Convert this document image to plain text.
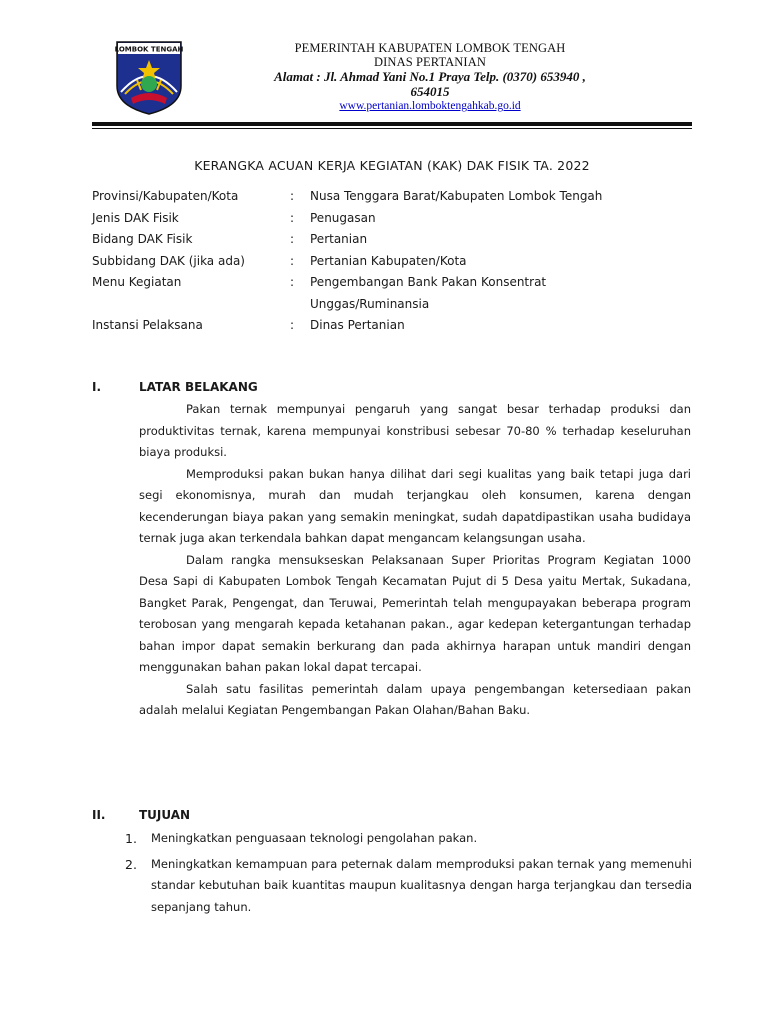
LOMBOK TENGAH	PEMERINTAH KABUPATEN LOMBOK TENGAH
DINAS PERTANIAN
Alamat : Jl. Ahmad Yani No.1 Praya Telp. (0370) 653940 ,
654015
www.pertanian.lomboktengahkab.go.id
KERANGKA ACUAN KERJA KEGIATAN (KAK) DAK FISIK TA. 2022
Provinsi/Kabupaten/Kota	:	Nusa Tenggara Barat/Kabupaten Lombok Tengah
Jenis DAK Fisik	:	Penugasan
Bidang DAK Fisik	:	Pertanian
Subbidang DAK (jika ada)	:	Pertanian Kabupaten/Kota
Menu Kegiatan	:	Pengembangan Bank Pakan Konsentrat Unggas/Ruminansia
Instansi Pelaksana	:	Dinas Pertanian
I.	LATAR BELAKANG

Pakan ternak mempunyai pengaruh yang sangat besar terhadap produksi dan produktivitas ternak, karena mempunyai konstribusi sebesar 70-80 % terhadap keseluruhan biaya produksi.

Memproduksi pakan bukan hanya dilihat dari segi kualitas yang baik tetapi juga dari segi ekonomisnya, murah dan mudah terjangkau oleh konsumen, karena dengan kecenderungan biaya pakan yang semakin meningkat, sudah dapatdipastikan usaha budidaya ternak juga akan terkendala bahkan dapat mengancam kelangsungan usaha.

Dalam rangka mensukseskan Pelaksanaan Super Prioritas Program Kegiatan 1000 Desa Sapi di Kabupaten Lombok Tengah Kecamatan Pujut di 5 Desa yaitu Mertak, Sukadana, Bangket Parak, Pengengat, dan Teruwai, Pemerintah telah mengupayakan beberapa program terobosan yang mengarah kepada ketahanan pakan., agar kedepan ketergantungan terhadap bahan impor dapat semakin berkurang dan pada akhirnya harapan untuk mandiri dengan menggunakan bahan pakan lokal dapat tercapai.

Salah satu fasilitas pemerintah dalam upaya pengembangan ketersediaan pakan adalah melalui Kegiatan Pengembangan Pakan Olahan/Bahan Baku.

II.	TUJUAN
1.	Meningkatkan penguasaan teknologi pengolahan pakan.
2.	Meningkatkan kemampuan para peternak dalam memproduksi pakan ternak yang memenuhi standar kebutuhan baik kuantitas maupun kualitasnya dengan harga terjangkau dan tersedia sepanjang tahun.
